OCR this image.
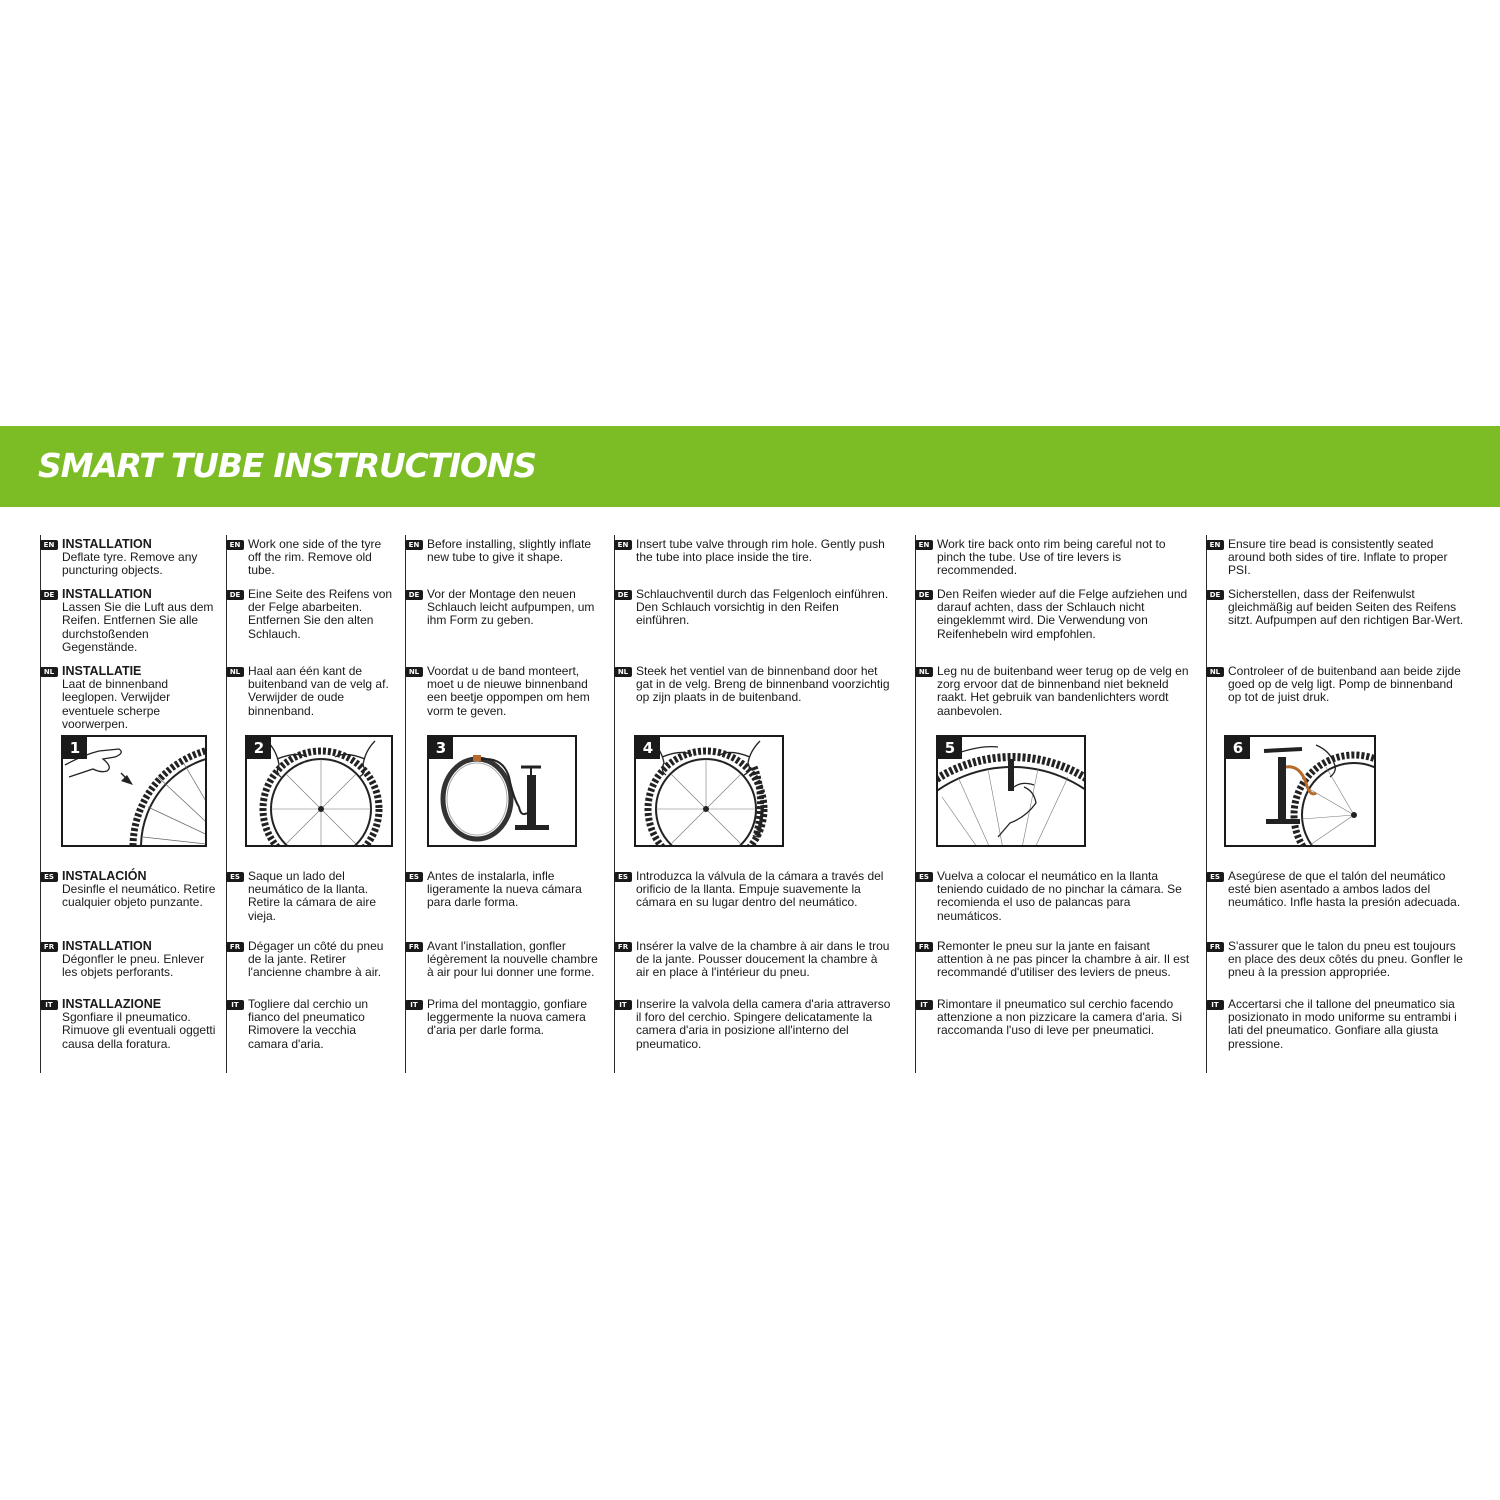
SMART TUBE INSTRUCTIONS
EN INSTALLATION
Deflate tyre. Remove any puncturing objects.
DE INSTALLATION
Lassen Sie die Luft aus dem Reifen. Entfernen Sie alle durchstoßenden Gegenstände.
NL INSTALLATIE
Laat de binnenband leeglopen. Verwijder eventuele scherpe voorwerpen.
1
ES INSTALACIÓN
Desinfle el neumático. Retire cualquier objeto punzante.
FR INSTALLATION
Dégonfler le pneu. Enlever les objets perforants.
IT INSTALLAZIONE
Sgonfiare il pneumatico. Rimuove gli eventuali oggetti causa della foratura.
EN Work one side of the tyre off the rim. Remove old tube.
DE Eine Seite des Reifens von der Felge abarbeiten. Entfernen Sie den alten Schlauch.
NL Haal aan één kant de buitenband van de velg af. Verwijder de oude binnenband.
2
ES Saque un lado del neumático de la llanta. Retire la cámara de aire vieja.
FR Dégager un côté du pneu de la jante. Retirer l'ancienne chambre à air.
IT Togliere dal cerchio un fianco del pneumatico Rimovere la vecchia camara d'aria.
EN Before installing, slightly inflate new tube to give it shape.
DE Vor der Montage den neuen Schlauch leicht aufpumpen, um ihm Form zu geben.
NL Voordat u de band monteert, moet u de nieuwe binnenband een beetje oppompen om hem vorm te geven.
3
ES Antes de instalarla, infle ligeramente la nueva cámara para darle forma.
FR Avant l'installation, gonfler légèrement la nouvelle chambre à air pour lui donner une forme.
IT Prima del montaggio, gonfiare leggermente la nuova camera d'aria per darle forma.
EN Insert tube valve through rim hole. Gently push the tube into place inside the tire.
DE Schlauchventil durch das Felgenloch einführen. Den Schlauch vorsichtig in den Reifen einführen.
NL Steek het ventiel van de binnenband door het gat in de velg. Breng de binnenband voorzichtig op zijn plaats in de buitenband.
4
ES Introduzca la válvula de la cámara a través del orificio de la llanta. Empuje suavemente la cámara en su lugar dentro del neumático.
FR Insérer la valve de la chambre à air dans le trou de la jante. Pousser doucement la chambre à air en place à l'intérieur du pneu.
IT Inserire la valvola della camera d'aria attraverso il foro del cerchio. Spingere delicatamente la camera d'aria in posizione all'interno del pneumatico.
EN Work tire back onto rim being careful not to pinch the tube. Use of tire levers is recommended.
DE Den Reifen wieder auf die Felge aufziehen und darauf achten, dass der Schlauch nicht eingeklemmt wird. Die Verwendung von Reifenhebeln wird empfohlen.
NL Leg nu de buitenband weer terug op de velg en zorg ervoor dat de binnenband niet bekneld raakt. Het gebruik van bandenlichters wordt aanbevolen.
5
ES Vuelva a colocar el neumático en la llanta teniendo cuidado de no pinchar la cámara. Se recomienda el uso de palancas para neumáticos.
FR Remonter le pneu sur la jante en faisant attention à ne pas pincer la chambre à air. Il est recommandé d'utiliser des leviers de pneus.
IT Rimontare il pneumatico sul cerchio facendo attenzione a non pizzicare la camera d'aria. Si raccomanda l'uso di leve per pneumatici.
EN Ensure tire bead is consistently seated around both sides of tire. Inflate to proper PSI.
DE Sicherstellen, dass der Reifenwulst gleichmäßig auf beiden Seiten des Reifens sitzt. Aufpumpen auf den richtigen Bar-Wert.
NL Controleer of de buitenband aan beide zijde goed op de velg ligt. Pomp de binnenband op tot de juist druk.
6
ES Asegúrese de que el talón del neumático esté bien asentado a ambos lados del neumático. Infle hasta la presión adecuada.
FR S'assurer que le talon du pneu est toujours en place des deux côtés du pneu. Gonfler le pneu à la pression appropriée.
IT Accertarsi che il tallone del pneumatico sia posizionato in modo uniforme su entrambi i lati del pneumatico. Gonfiare alla giusta pressione.
